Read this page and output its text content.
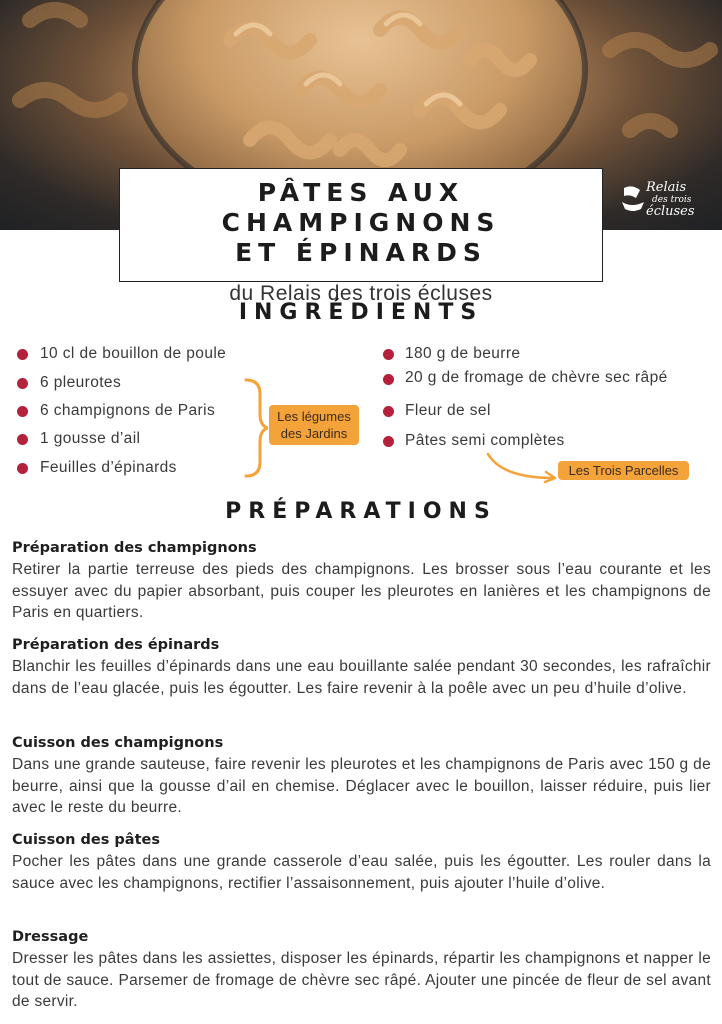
Relais
des trois
écluses
PÂTES AUX CHAMPIGNONS
ET ÉPINARDS
du Relais des trois écluses
INGRÉDIENTS
10 cl de bouillon de poule
6 pleurotes
6 champignons de Paris
1 gousse d’ail
Feuilles d’épinards
Les légumes
des Jardins
180 g de beurre
20 g de fromage de chèvre sec râpé
Fleur de sel
Pâtes semi complètes
Les Trois Parcelles
PRÉPARATIONS
Préparation des champignons
Retirer la partie terreuse des pieds des champignons. Les brosser sous l’eau courante et les essuyer avec du papier absorbant, puis couper les pleurotes en lanières et les champignons de Paris en quartiers.
Préparation des épinards
Blanchir les feuilles d’épinards dans une eau bouillante salée pendant 30 secondes, les rafraîchir dans de l’eau glacée, puis les égoutter. Les faire revenir à la poêle avec un peu d’huile d’olive.
Cuisson des champignons
Dans une grande sauteuse, faire revenir les pleurotes et les champignons de Paris avec 150 g de beurre, ainsi que la gousse d’ail en chemise. Déglacer avec le bouillon, laisser réduire, puis lier avec le reste du beurre.
Cuisson des pâtes
Pocher les pâtes dans une grande casserole d’eau salée, puis les égoutter. Les rouler dans la sauce avec les champignons, rectifier l’assaisonnement, puis ajouter l’huile d’olive.
Dressage
Dresser les pâtes dans les assiettes, disposer les épinards, répartir les champignons et napper le tout de sauce. Parsemer de fromage de chèvre sec râpé. Ajouter une pincée de fleur de sel avant de servir.
